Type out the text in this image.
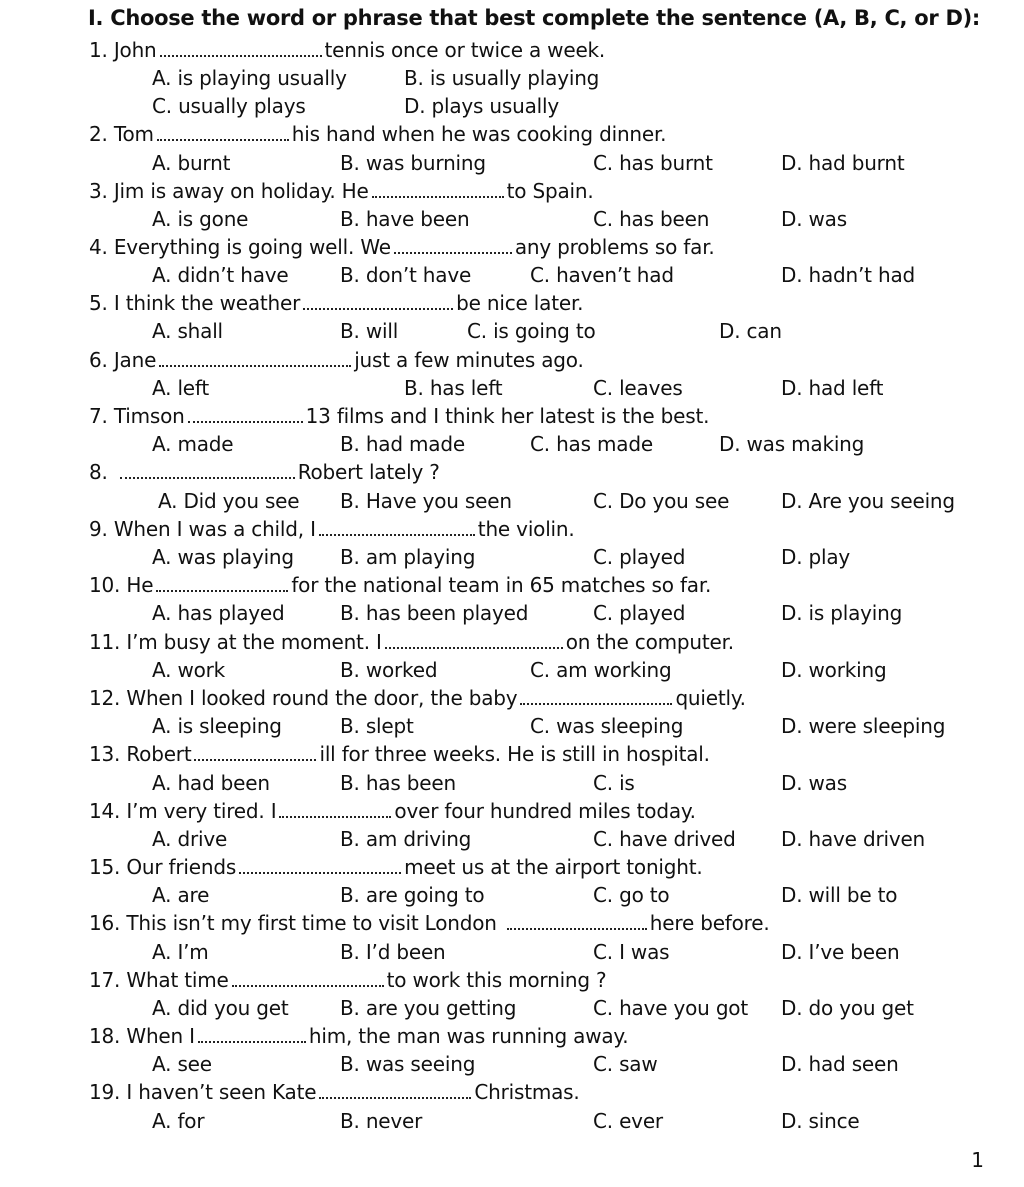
I. Choose the word or phrase that best complete the sentence (A, B, C, or D):
1. John	tennis once or twice a week.
A. is playing usually	B. is usually playing
C. usually plays	D. plays usually
2. Tom	his hand when he was cooking dinner.
A. burnt	B. was burning	C. has burnt	D. had burnt
3. Jim is away on holiday. He	to Spain.
A. is gone	B. have been	C. has been	D. was
4. Everything is going well. We	any problems so far.
A. didn’t have	B. don’t have	C. haven’t had	D. hadn’t had
5. I think the weather	be nice later.
A. shall	B. will	C. is going to	D. can
6. Jane	just a few minutes ago.
A. left	B. has left	C. leaves	D. had left
7. Timson	13 films and I think her latest is the best.
A. made	B. had made	C. has made	D. was making
8.	Robert lately ?
A. Did you see B. Have you seen	C. Do you see	D. Are you seeing
9. When I was a child, I	the violin.
A. was playing B. am playing	C. played	D. play
10. He	for the national team in 65 matches so far.
A. has played	B. has been played	C. played	D. is playing
11. I’m busy at the moment. I	on the computer.
A. work	B. worked	C. am working	D. working
12. When I looked round the door, the baby	quietly.
A. is sleeping	B. slept	C. was sleeping	D. were sleeping
13. Robert	ill for three weeks. He is still in hospital.
A. had been	B. has been	C. is	D. was
14. I’m very tired. I	over four hundred miles today.
A. drive	B. am driving	C. have drived D. have driven
15. Our friends	meet us at the airport tonight.
A. are	B. are going to	C. go to	D. will be to
16. This isn’t my first time to visit London	here before.
A. I’m	B. I’d been	C. I was	D. I’ve been
17. What time	to work this morning ?
A. did you get	B. are you getting	C. have you got D. do you get
18. When I	him, the man was running away.
A. see	B. was seeing	C. saw	D. had seen
19. I haven’t seen Kate	Christmas.
A. for	B. never	C. ever	D. since
1
